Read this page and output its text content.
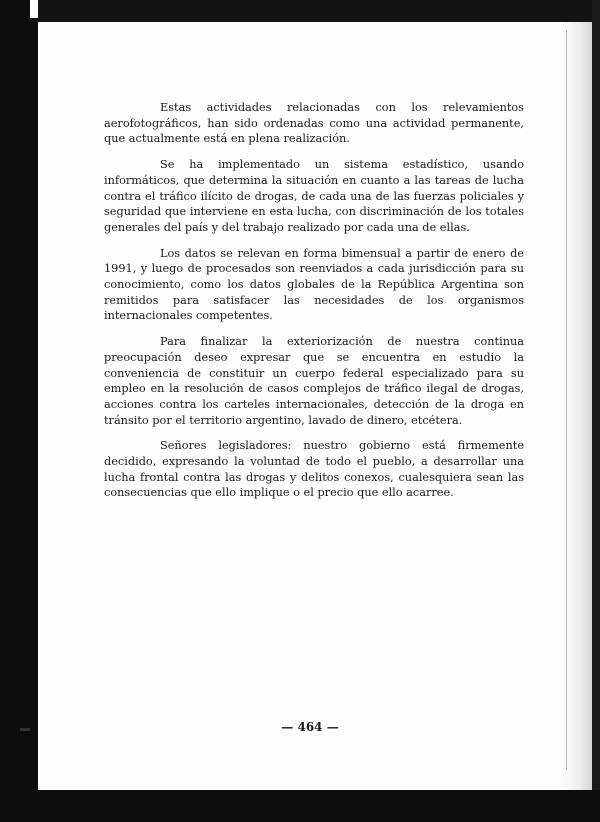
Estas actividades relacionadas con los relevamientos aerofotográficos, han sido ordenadas como una actividad permanente, que actualmente está en plena realización.

Se ha implementado un sistema estadístico, usando informáticos, que determina la situación en cuanto a las tareas de lucha contra el tráfico ilícito de drogas, de cada una de las fuerzas policiales y seguridad que interviene en esta lucha, con discriminación de los totales generales del país y del trabajo realizado por cada una de ellas.

Los datos se relevan en forma bimensual a partir de enero de 1991, y luego de procesados son reenviados a cada jurisdicción para su conocimiento, como los datos globales de la República Argentina son remitidos para satisfacer las necesidades de los organismos internacionales competentes.

Para finalizar la exteriorización de nuestra continua preocupación deseo expresar que se encuentra en estudio la conveniencia de constituir un cuerpo federal especializado para su empleo en la resolución de casos complejos de tráfico ilegal de drogas, acciones contra los carteles internacionales, detección de la droga en tránsito por el territorio argentino, lavado de dinero, etcétera.

Señores legisladores: nuestro gobierno está firmemente decidido, expresando la voluntad de todo el pueblo, a desarrollar una lucha frontal contra las drogas y delitos conexos, cualesquiera sean las consecuencias que ello implique o el precio que ello acarree.

— 464 —
